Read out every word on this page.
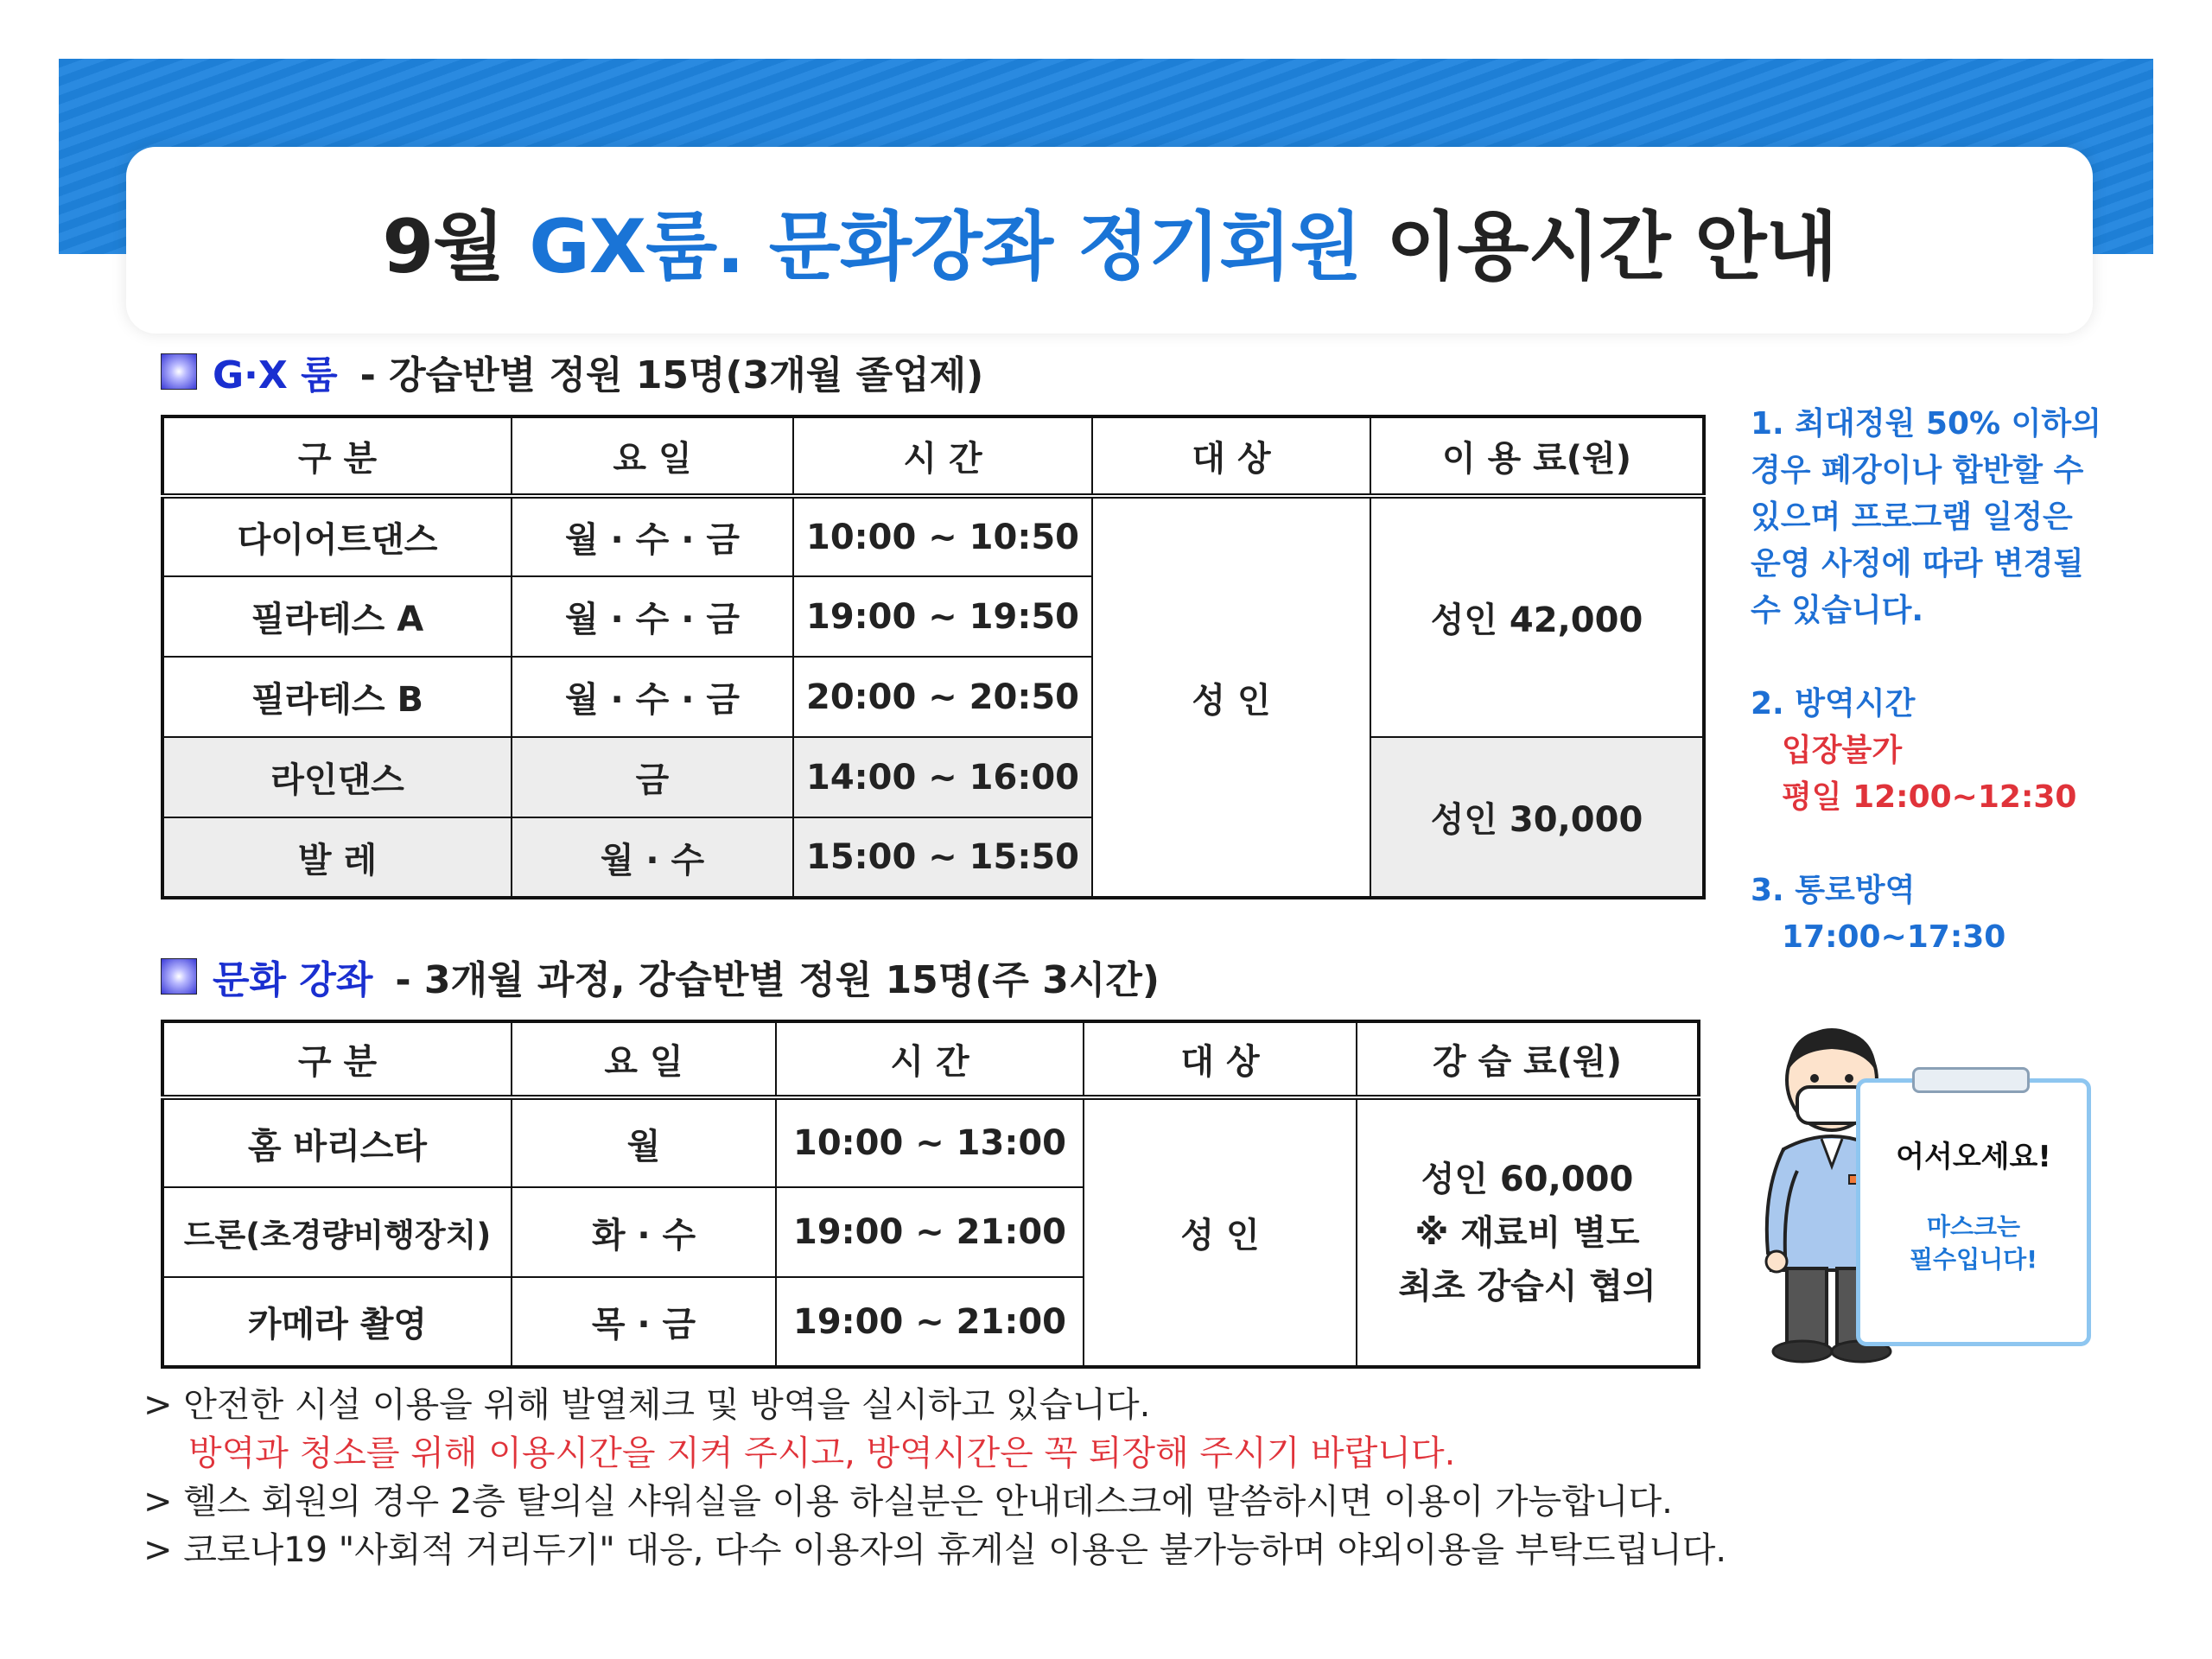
9월 GX룸. 문화강좌 정기회원 이용시간 안내
G·X 룸 - 강습반별 정원 15명(3개월 졸업제)
구 분	요 일	시 간	대 상	이 용 료(원)
다이어트댄스	월 · 수 · 금	10:00 ~ 10:50	성 인	성인 42,000
필라테스 A	월 · 수 · 금	19:00 ~ 19:50		
필라테스 B	월 · 수 · 금	20:00 ~ 20:50		
라인댄스	금	14:00 ~ 16:00		성인 30,000
발 레	월 · 수	15:00 ~ 15:50		
문화 강좌 - 3개월 과정, 강습반별 정원 15명(주 3시간)
구 분	요 일	시 간	대 상	강 습 료(원)
홈 바리스타	월	10:00 ~ 13:00	성 인	성인 60,000
※ 재료비 별도
최초 강습시 협의

드론(초경량비행장치)	화 · 수	19:00 ~ 21:00		
카메라 촬영	목 · 금	19:00 ~ 21:00		
1. 최대정원 50% 이하의
경우 폐강이나 합반할 수
있으며 프로그램 일정은
운영 사정에 따라 변경될
수 있습니다.
2. 방역시간
입장불가
평일 12:00~12:30
3. 통로방역
17:00~17:30
어서오세요!
마스크는
필수입니다!
> 안전한 시설 이용을 위해 발열체크 및 방역을 실시하고 있습니다.
방역과 청소를 위해 이용시간을 지켜 주시고, 방역시간은 꼭 퇴장해 주시기 바랍니다.
> 헬스 회원의 경우 2층 탈의실 샤워실을 이용 하실분은 안내데스크에 말씀하시면 이용이 가능합니다.
> 코로나19 "사회적 거리두기" 대응, 다수 이용자의 휴게실 이용은 불가능하며 야외이용을 부탁드립니다.
